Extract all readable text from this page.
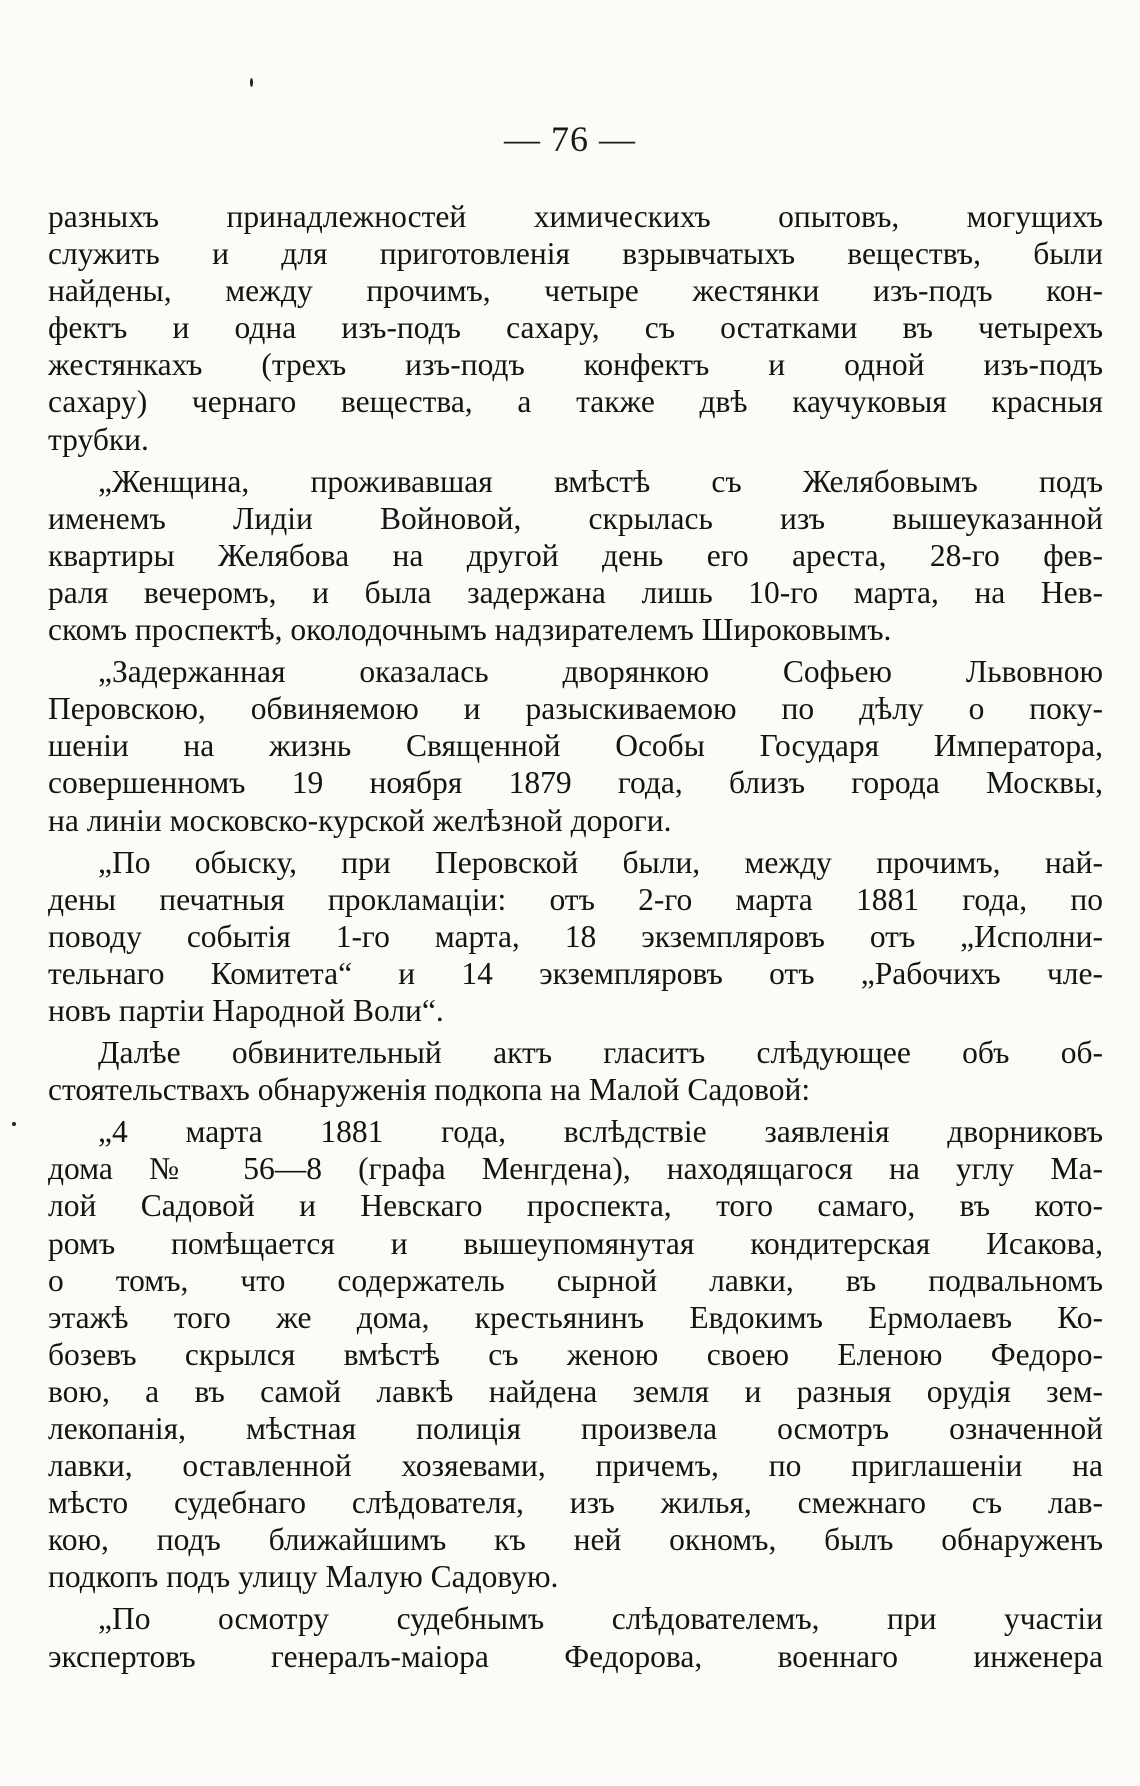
— 76 —
разныхъ принадлежностей химическихъ опытовъ, могущихъ
служить и для приготовленія взрывчатыхъ веществъ, были
найдены, между прочимъ, четыре жестянки изъ-подъ кон-
фектъ и одна изъ-подъ сахару, съ остатками въ четырехъ
жестянкахъ (трехъ изъ-подъ конфектъ и одной изъ-подъ
сахару) чернаго вещества, а также двѣ каучуковыя красныя
трубки.
„Женщина, проживавшая вмѣстѣ съ Желябовымъ подъ
именемъ Лидіи Войновой, скрылась изъ вышеуказанной
квартиры Желябова на другой день его ареста, 28-го фев-
раля вечеромъ, и была задержана лишь 10-го марта, на Нев-
скомъ проспектѣ, околодочнымъ надзирателемъ Широковымъ.
„Задержанная оказалась дворянкою Софьею Львовною
Перовскою, обвиняемою и разыскиваемою по дѣлу о поку-
шеніи на жизнь Священной Особы Государя Императора,
совершенномъ 19 ноября 1879 года, близъ города Москвы,
на линіи московско-курской желѣзной дороги.
„По обыску, при Перовской были, между прочимъ, най-
дены печатныя прокламаціи: отъ 2-го марта 1881 года, по
поводу событія 1-го марта, 18 экземпляровъ отъ „Исполни-
тельнаго Комитета“ и 14 экземпляровъ отъ „Рабочихъ чле-
новъ партіи Народной Воли“.
Далѣе обвинительный актъ гласитъ слѣдующее объ об-
стоятельствахъ обнаруженія подкопа на Малой Садовой:
„4 марта 1881 года, вслѣдствіе заявленія дворниковъ
дома № 56—8 (графа Менгдена), находящагося на углу Ма-
лой Садовой и Невскаго проспекта, того самаго, въ кото-
ромъ помѣщается и вышеупомянутая кондитерская Исакова,
о томъ, что содержатель сырной лавки, въ подвальномъ
этажѣ того же дома, крестьянинъ Евдокимъ Ермолаевъ Ко-
бозевъ скрылся вмѣстѣ съ женою своею Еленою Федоро-
вою, а въ самой лавкѣ найдена земля и разныя орудія зем-
лекопанія, мѣстная полиція произвела осмотръ означенной
лавки, оставленной хозяевами, причемъ, по приглашеніи на
мѣсто судебнаго слѣдователя, изъ жилья, смежнаго съ лав-
кою, подъ ближайшимъ къ ней окномъ, былъ обнаруженъ
подкопъ подъ улицу Малую Садовую.
„По осмотру судебнымъ слѣдователемъ, при участіи
экспертовъ генералъ-маіора Федорова, военнаго инженера
